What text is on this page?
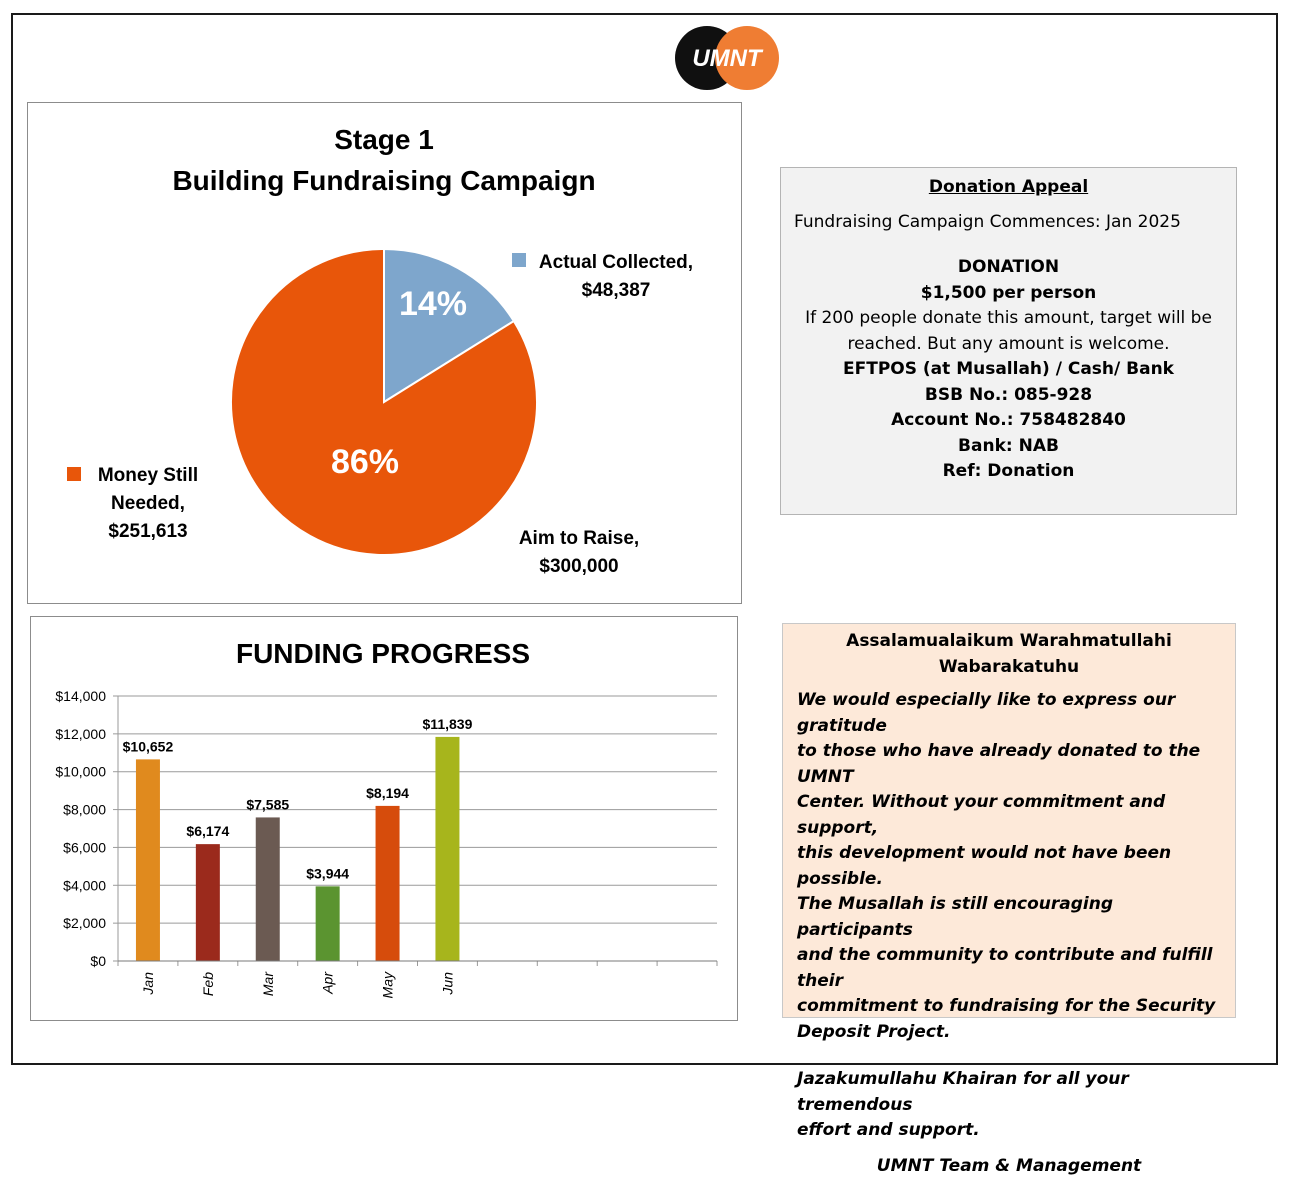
UMNT
Stage 1
Building Fundraising Campaign
14%
86%
Actual Collected,
$48,387
Money Still
Needed,
$251,613	Aim to Raise,
$300,000
FUNDING PROGRESS
$0
$2,000
$4,000
$6,000
$8,000
$10,000
$12,000
$14,000
$10,652
Jan
$6,174
Feb
$7,585
Mar
$3,944
Apr
$8,194
May
$11,839
Jun
Donation Appeal
Fundraising Campaign Commences: Jan 2025
DONATION
$1,500 per person
If 200 people donate this amount, target will be
reached. But any amount is welcome.
EFTPOS (at Musallah) / Cash/ Bank
BSB No.: 085-928
Account No.: 758482840
Bank: NAB
Ref: Donation
Assalamualaikum Warahmatullahi
Wabarakatuhu
We would especially like to express our gratitude
to those who have already donated to the UMNT
Center. Without your commitment and support,
this development would not have been possible.
The Musallah is still encouraging participants
and the community to contribute and fulfill their
commitment to fundraising for the Security
Deposit Project.
Jazakumullahu Khairan for all your tremendous
effort and support.
UMNT Team & Management
